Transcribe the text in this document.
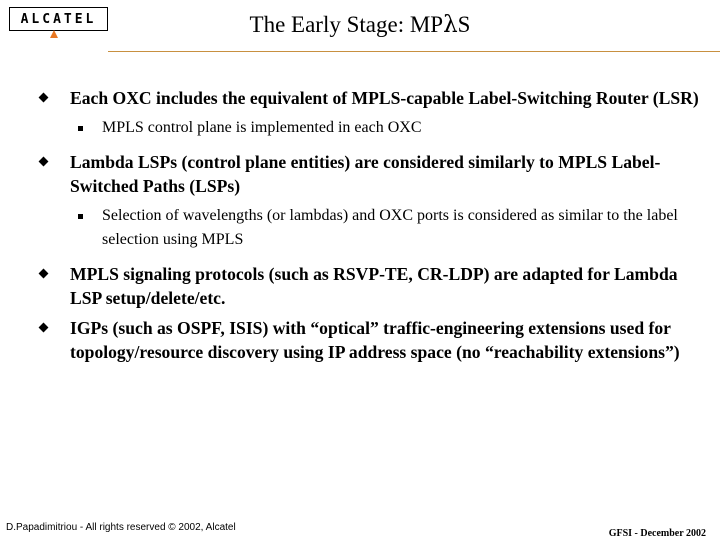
ALCATEL	The Early Stage: MPλS
Each OXC includes the equivalent of MPLS-capable Label-Switching Router (LSR)
MPLS control plane is implemented in each OXC
Lambda LSPs (control plane entities) are considered similarly to MPLS Label-Switched Paths (LSPs)
Selection of wavelengths (or lambdas) and OXC ports is considered as similar to the label selection using MPLS
MPLS signaling protocols (such as RSVP-TE, CR-LDP) are adapted for Lambda LSP setup/delete/etc.
IGPs (such as OSPF, ISIS) with “optical” traffic-engineering extensions used for topology/resource discovery using IP address space (no “reachability extensions”)
D.Papadimitriou - All rights reserved © 2002, Alcatel
GFSI - December 2002
